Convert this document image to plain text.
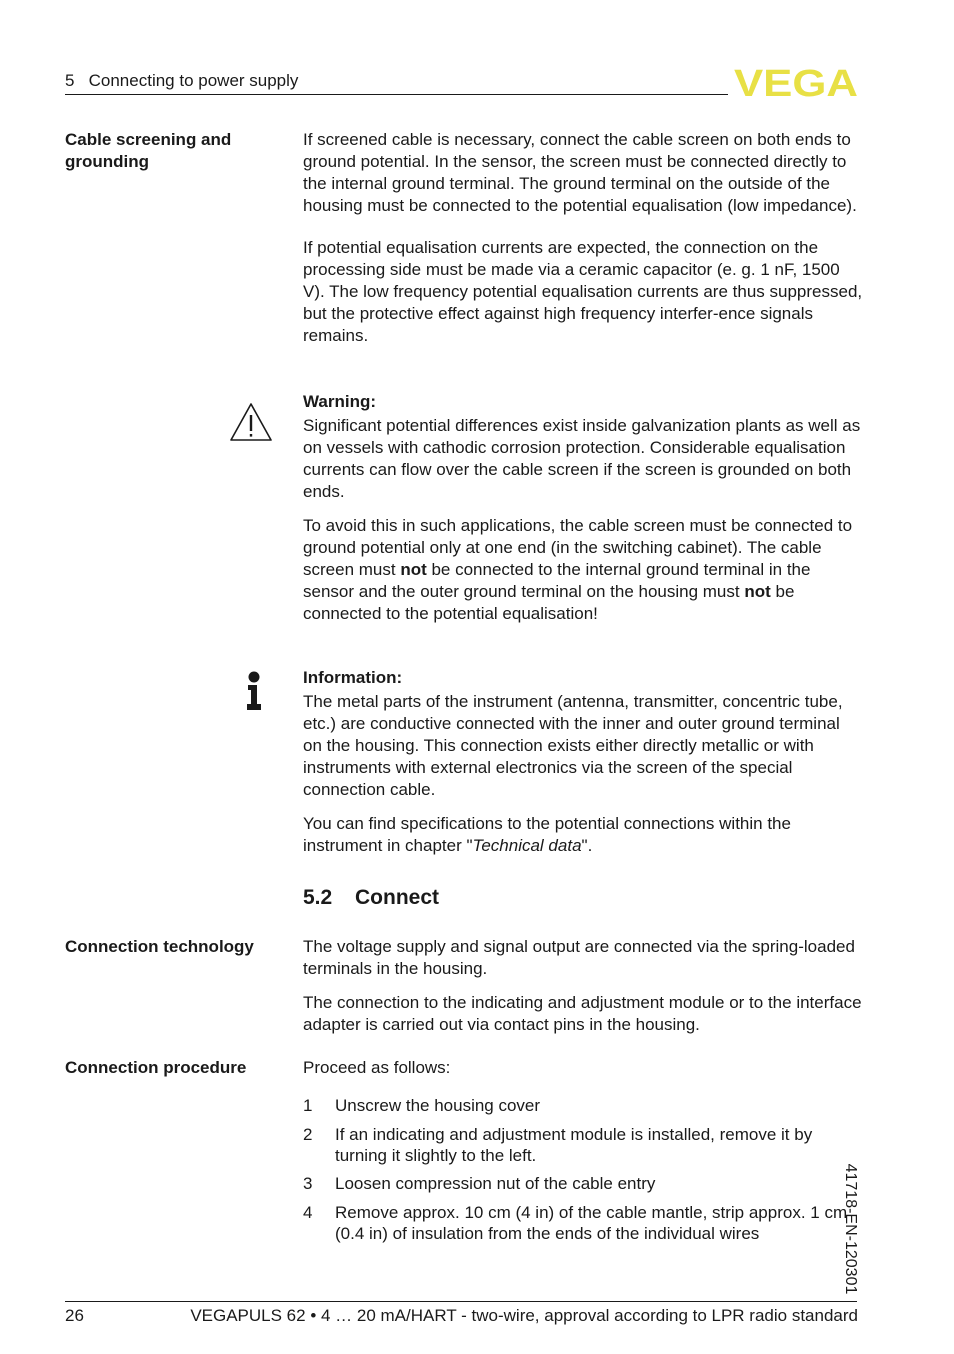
5   Connecting to power supply	VEGA
Cable screening and grounding

If screened cable is necessary, connect the cable screen on both ends to ground potential. In the sensor, the screen must be connected directly to the internal ground terminal. The ground terminal on the outside of the housing must be connected to the potential equalisation (low impedance).

If potential equalisation currents are expected, the connection on the processing side must be made via a ceramic capacitor (e. g. 1 nF, 1500 V). The low frequency potential equalisation currents are thus suppressed, but the protective effect against high frequency interfer-ence signals remains.

Warning:

Significant potential differences exist inside galvanization plants as well as on vessels with cathodic corrosion protection. Considerable equalisation currents can flow over the cable screen if the screen is grounded on both ends.

To avoid this in such applications, the cable screen must be connected to ground potential only at one end (in the switching cabinet). The cable screen must not be connected to the internal ground terminal in the sensor and the outer ground terminal on the housing must not be connected to the potential equalisation!

Information:

The metal parts of the instrument (antenna, transmitter, concentric tube, etc.) are conductive connected with the inner and outer ground terminal on the housing. This connection exists either directly metallic or with instruments with external electronics via the screen of the special connection cable.

You can find specifications to the potential connections within the instrument in chapter "Technical data".

5.2 Connect
Connection technology	The voltage supply and signal output are connected via the spring-loaded terminals in the housing.

The connection to the indicating and adjustment module or to the interface adapter is carried out via contact pins in the housing.

Connection procedure	Proceed as follows:
1	Unscrew the housing cover
2	If an indicating and adjustment module is installed, remove it by turning it slightly to the left.
3	Loosen compression nut of the cable entry
4	Remove approx. 10 cm (4 in) of the cable mantle, strip approx. 1 cm (0.4 in) of insulation from the ends of the individual wires	41718-EN-120301
26	VEGAPULS 62 • 4 … 20 mA/HART - two-wire, approval according to LPR radio standard
